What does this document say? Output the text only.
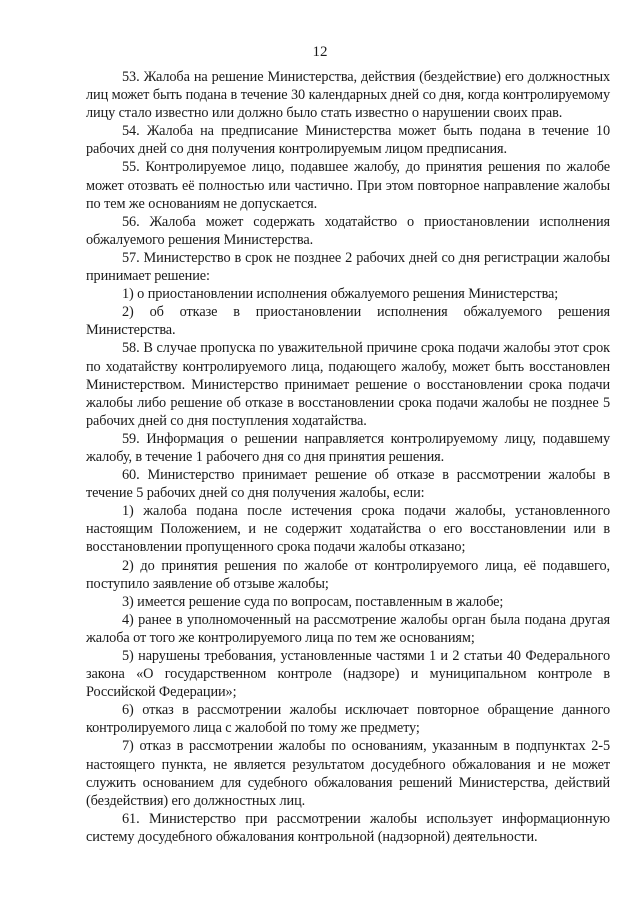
12

53. Жалоба на решение Министерства, действия (бездействие) его должностных лиц может быть подана в течение 30 календарных дней со дня, когда контролируемому лицу стало известно или должно было стать известно о нарушении своих прав.

54. Жалоба на предписание Министерства может быть подана в течение 10 рабочих дней со дня получения контролируемым лицом предписания.

55. Контролируемое лицо, подавшее жалобу, до принятия решения по жалобе может отозвать её полностью или частично. При этом повторное направление жалобы по тем же основаниям не допускается.

56. Жалоба может содержать ходатайство о приостановлении исполнения обжалуемого решения Министерства.

57. Министерство в срок не позднее 2 рабочих дней со дня регистрации жалобы принимает решение:

1) о приостановлении исполнения обжалуемого решения Министерства;

2) об отказе в приостановлении исполнения обжалуемого решения Министерства.

58. В случае пропуска по уважительной причине срока подачи жалобы этот срок по ходатайству контролируемого лица, подающего жалобу, может быть восстановлен Министерством. Министерство принимает решение о восстановлении срока подачи жалобы либо решение об отказе в восстановлении срока подачи жалобы не позднее 5 рабочих дней со дня поступления ходатайства.

59. Информация о решении направляется контролируемому лицу, подавшему жалобу, в течение 1 рабочего дня со дня принятия решения.

60. Министерство принимает решение об отказе в рассмотрении жалобы в течение 5 рабочих дней со дня получения жалобы, если:

1) жалоба подана после истечения срока подачи жалобы, установленного настоящим Положением, и не содержит ходатайства о его восстановлении или в восстановлении пропущенного срока подачи жалобы отказано;

2) до принятия решения по жалобе от контролируемого лица, её подавшего, поступило заявление об отзыве жалобы;

3) имеется решение суда по вопросам, поставленным в жалобе;

4) ранее в уполномоченный на рассмотрение жалобы орган была подана другая жалоба от того же контролируемого лица по тем же основаниям;

5) нарушены требования, установленные частями 1 и 2 статьи 40 Федерального закона «О государственном контроле (надзоре) и муниципальном контроле в Российской Федерации»;

6) отказ в рассмотрении жалобы исключает повторное обращение данного контролируемого лица с жалобой по тому же предмету;

7) отказ в рассмотрении жалобы по основаниям, указанным в подпунктах 2-5 настоящего пункта, не является результатом досудебного обжалования и не может служить основанием для судебного обжалования решений Министерства, действий (бездействия) его должностных лиц.

61. Министерство при рассмотрении жалобы использует информационную систему досудебного обжалования контрольной (надзорной) деятельности.
